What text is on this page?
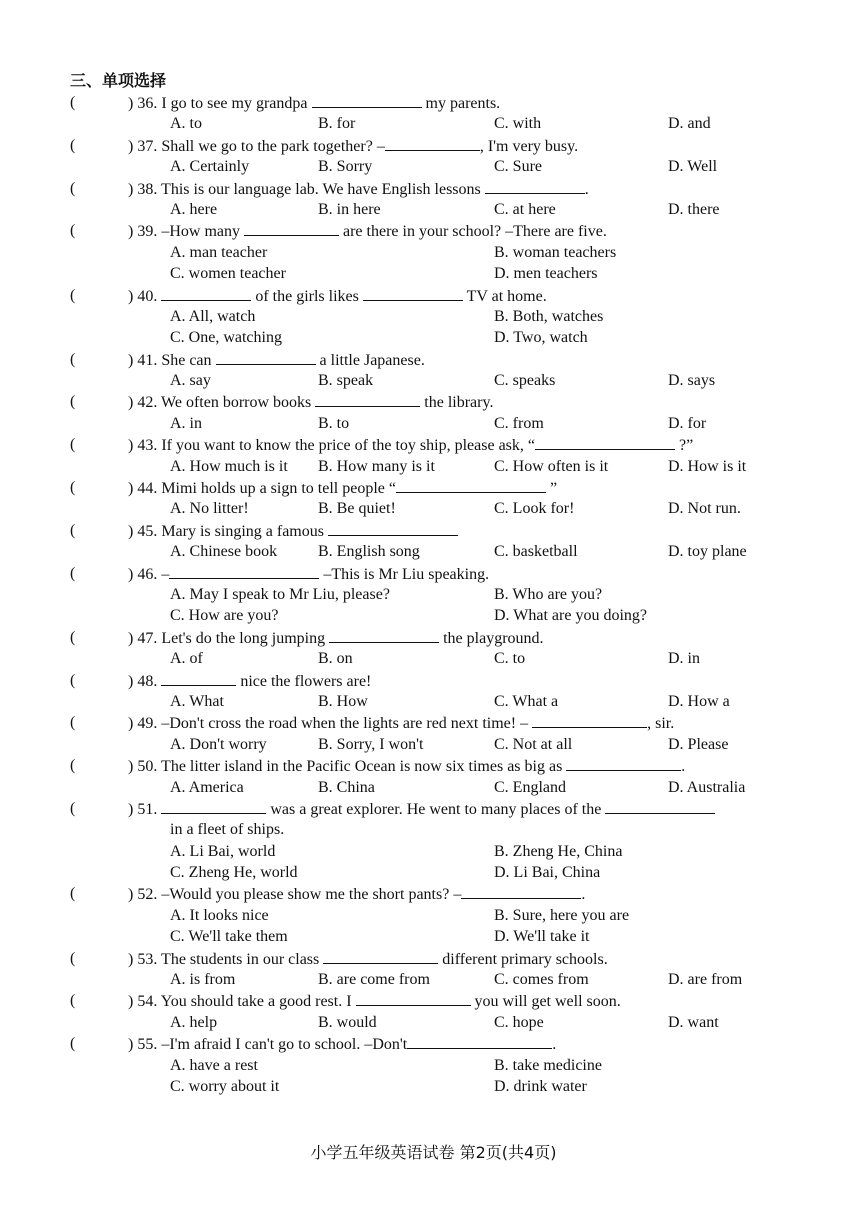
三、单项选择
(	) 36. I go to see my grandpa	my parents.
A. to	B. for	C. with	D. and
(	) 37. Shall we go to the park together? –	, I'm very busy.
A. Certainly	B. Sorry	C. Sure	D. Well
(	) 38. This is our language lab. We have English lessons	.
A. here	B. in here	C. at here	D. there
(	) 39. –How many	are there in your school? –There are five.
A. man teacher	B. woman teachers
C. women teacher	D. men teachers
(	) 40.	of the girls likes	TV at home.
A. All, watch	B. Both, watches
C. One, watching	D. Two, watch
(	) 41. She can	a little Japanese.
A. say	B. speak	C. speaks	D. says
(	) 42. We often borrow books	the library.
A. in	B. to	C. from	D. for
(	) 43. If you want to know the price of the toy ship, please ask, “	?”
A. How much is it B. How many is it	C. How often is it	D. How is it
(	) 44. Mimi holds up a sign to tell people “	”
A. No litter!	B. Be quiet!	C. Look for!	D. Not run.
(	) 45. Mary is singing a famous
A. Chinese book	B. English song	C. basketball	D. toy plane
(	) 46. –	–This is Mr Liu speaking.
A. May I speak to Mr Liu, please?	B. Who are you?
C. How are you?	D. What are you doing?
(	) 47. Let's do the long jumping	the playground.
A. of	B. on	C. to	D. in
(	) 48.	nice the flowers are!
A. What	B. How	C. What a	D. How a
(	) 49. –Don't cross the road when the lights are red next time! –	, sir.
A. Don't worry	B. Sorry, I won't	C. Not at all	D. Please
(	) 50. The litter island in the Pacific Ocean is now six times as big as	.
A. America	B. China	C. England	D. Australia
(	) 51.	was a great explorer. He went to many places of the
in a fleet of ships.
A. Li Bai, world	B. Zheng He, China
C. Zheng He, world	D. Li Bai, China
(	) 52. –Would you please show me the short pants? –	.
A. It looks nice	B. Sure, here you are
C. We'll take them	D. We'll take it
(	) 53. The students in our class	different primary schools.
A. is from	B. are come from	C. comes from	D. are from
(	) 54. You should take a good rest. I	you will get well soon.
A. help	B. would	C. hope	D. want
(	) 55. –I'm afraid I can't go to school. –Don't	.
A. have a rest	B. take medicine
C. worry about it	D. drink water
小学五年级英语试卷 第2页(共4页)
